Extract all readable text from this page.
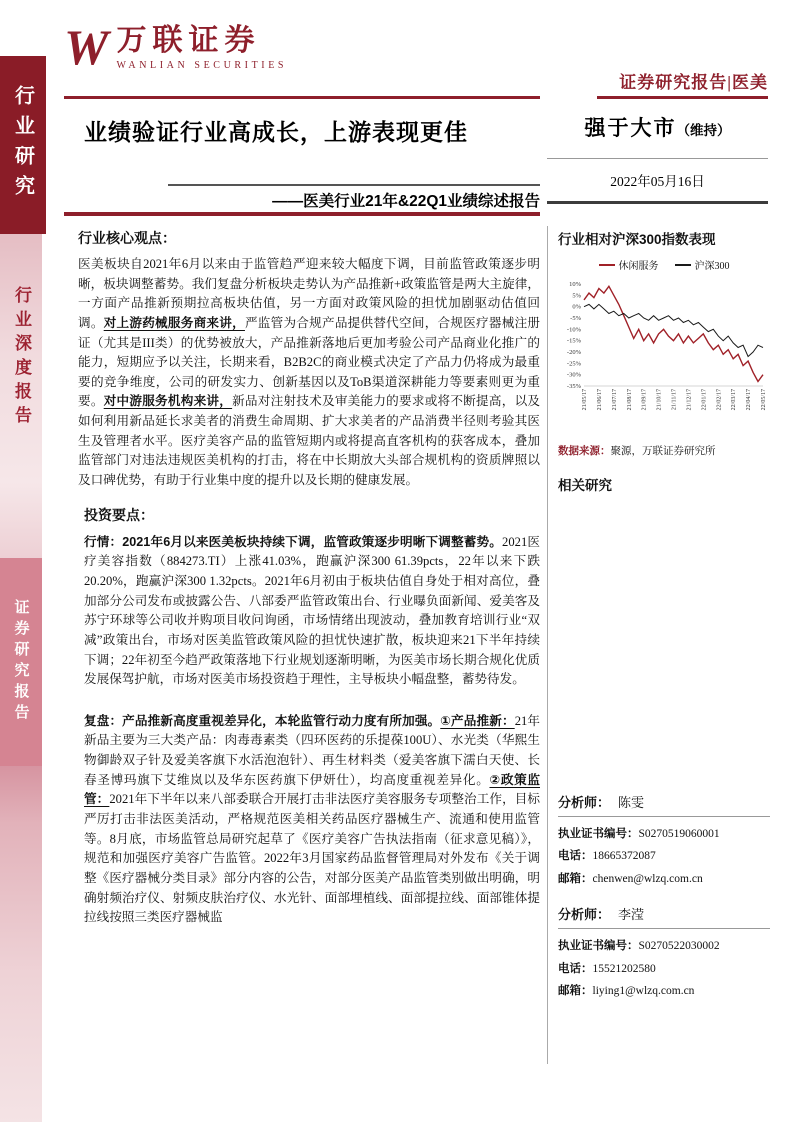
行业研究
行业深度报告
证券研究报告
W 万联证券
WANLIAN SECURITIES
证券研究报告|医美
强于大市（维持）
2022年05月16日
业绩验证行业高成长，上游表现更佳
——医美行业21年&22Q1业绩综述报告
行业核心观点：

医美板块自2021年6月以来由于监管趋严迎来较大幅度下调，目前监管政策逐步明晰，板块调整蓄势。我们复盘分析板块走势认为产品推新+政策监管是两大主旋律，一方面产品推新预期拉高板块估值，另一方面对政策风险的担忧加剧驱动估值回调。对上游药械服务商来讲，严监管为合规产品提供替代空间，合规医疗器械注册证（尤其是III类）的优势被放大，产品推新落地后更加考验公司产品商业化推广的能力，短期应予以关注，长期来看，B2B2C的商业模式决定了产品力仍将成为最重要的竞争维度，公司的研发实力、创新基因以及ToB渠道深耕能力等要素则更为重要。对中游服务机构来讲，新品对注射技术及审美能力的要求或将不断提高，以及如何利用新品延长求美者的消费生命周期、扩大求美者的产品消费半径则考验其医生及管理者水平。医疗美容产品的监管短期内或将提高直客机构的获客成本，叠加监管部门对违法违规医美机构的打击，将在中长期放大头部合规机构的资质牌照以及口碑优势，有助于行业集中度的提升以及长期的健康发展。

投资要点：

行情：2021年6月以来医美板块持续下调，监管政策逐步明晰下调整蓄势。2021医疗美容指数（884273.TI）上涨41.03%，跑赢沪深300 61.39pcts，22年以来下跌20.20%，跑赢沪深300 1.32pcts。2021年6月初由于板块估值自身处于相对高位，叠加部分公司发布或披露公告、八部委严监管政策出台、行业曝负面新闻、爱美客及苏宁环球等公司收并购项目收问询函，市场情绪出现波动，叠加教育培训行业“双减”政策出台，市场对医美监管政策风险的担忧快速扩散，板块迎来21下半年持续下调；22年初至今趋严政策落地下行业规划逐渐明晰，为医美市场长期合规化优质发展保驾护航，市场对医美市场投资趋于理性，主导板块小幅盘整，蓄势待发。

复盘：产品推新高度重视差异化，本轮监管行动力度有所加强。①产品推新：21年新品主要为三大类产品：肉毒毒素类（四环医药的乐提葆100U）、水光类（华熙生物御龄双子针及爱美客旗下水活泡泡针）、再生材料类（爱美客旗下濡白天使、长春圣博玛旗下艾维岚以及华东医药旗下伊妍仕），均高度重视差异化。②政策监管：2021年下半年以来八部委联合开展打击非法医疗美容服务专项整治工作，目标严厉打击非法医美活动，严格规范医美相关药品医疗器械生产、流通和使用监管等。8月底，市场监管总局研究起草了《医疗美容广告执法指南（征求意见稿）》，规范和加强医疗美容广告监管。2022年3月国家药品监督管理局对外发布《关于调整《医疗器械分类目录》部分内容的公告，对部分医美产品监管类别做出明确，明确射频治疗仪、射频皮肤治疗仪、水光针、面部埋植线、面部提拉线、面部锥体提拉线按照三类医疗器械监

行业相对沪深300指数表现
休闲服务	沪深300
10%
5%
0%
-5%
-10%
-15%
-20%
-25%
-30%
-35%
21/05/17 21/06/17 21/07/17 21/08/17 21/09/17 21/10/17 21/11/17 21/12/17 22/01/17 22/02/17 22/03/17 22/04/17 22/05/17
数据来源：聚源，万联证券研究所
相关研究
分析师： 陈雯
执业证书编号：S0270519060001
电话：18665372087
邮箱：chenwen@wlzq.com.cn
分析师： 李滢
执业证书编号：S0270522030002
电话：15521202580
邮箱：liying1@wlzq.com.cn
